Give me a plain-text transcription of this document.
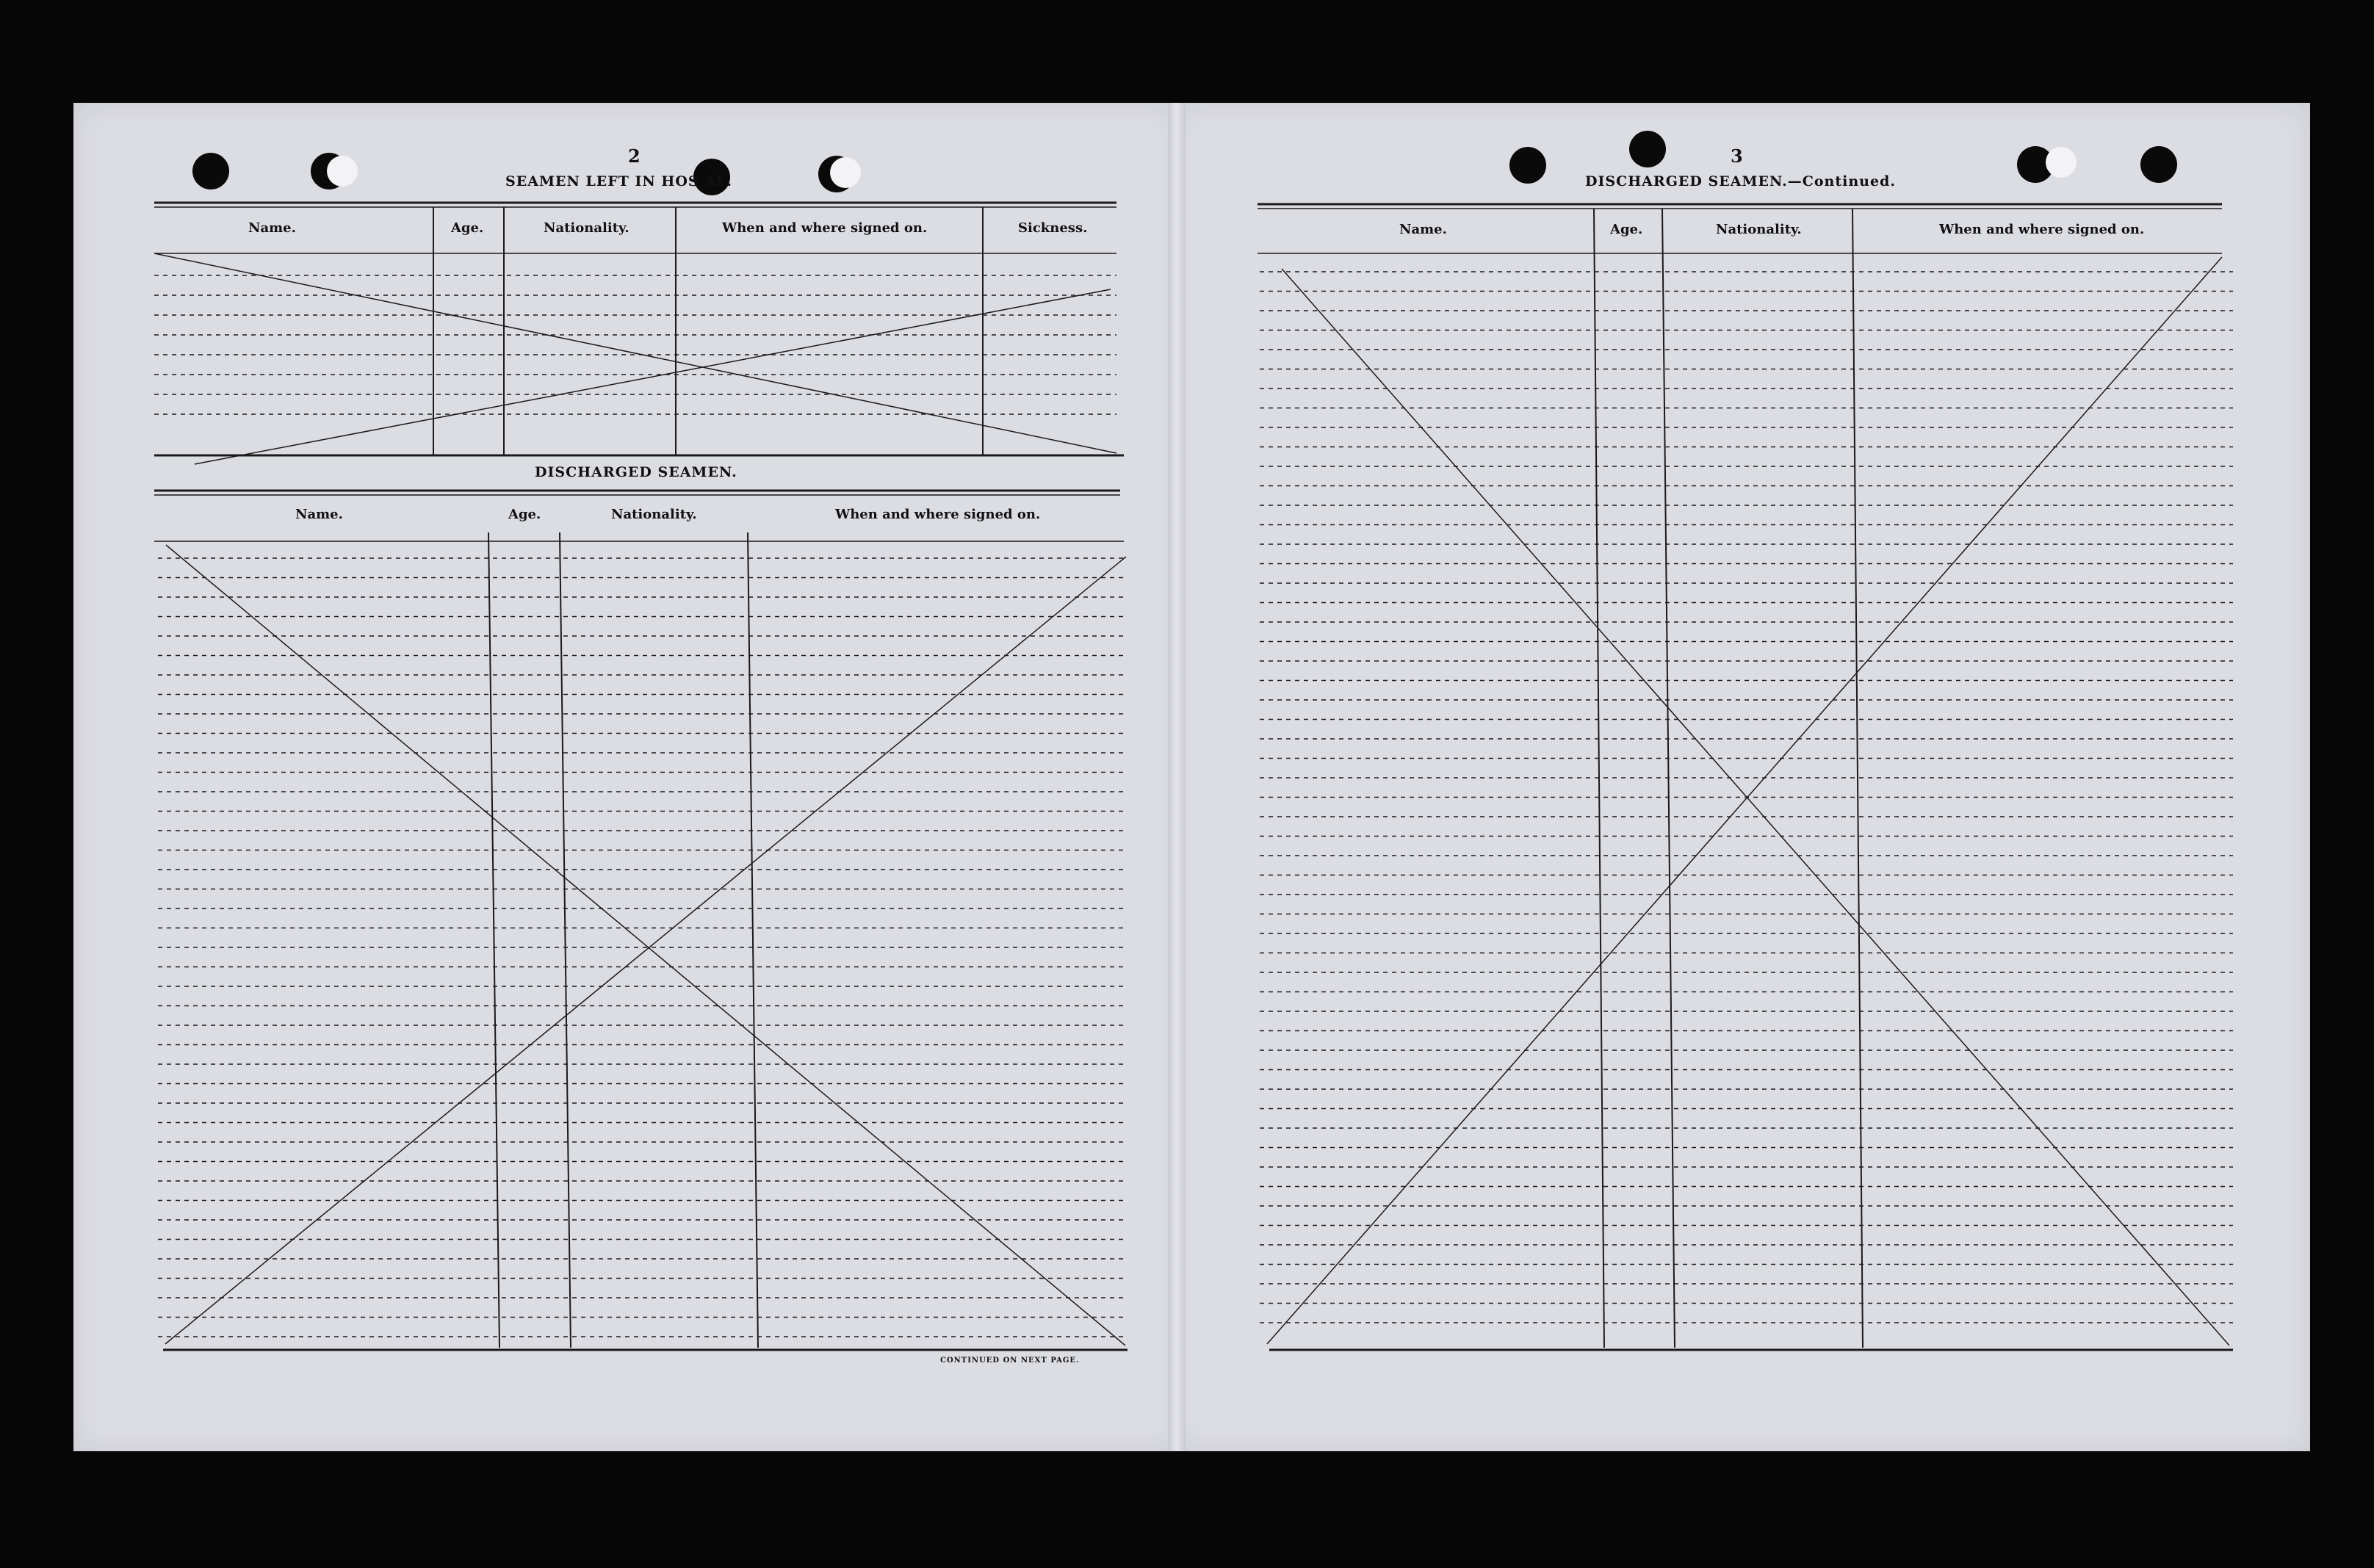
2
SEAMEN LEFT IN HOS AL.
Name.	Age.	Nationality.	When and where signed on.	Sickness.
DISCHARGED SEAMEN.
Name.	Age.	Nationality.	When and where signed on.
CONTINUED ON NEXT PAGE.
3
DISCHARGED SEAMEN.—Continued.
Name.	Age.	Nationality.	When and where signed on.
